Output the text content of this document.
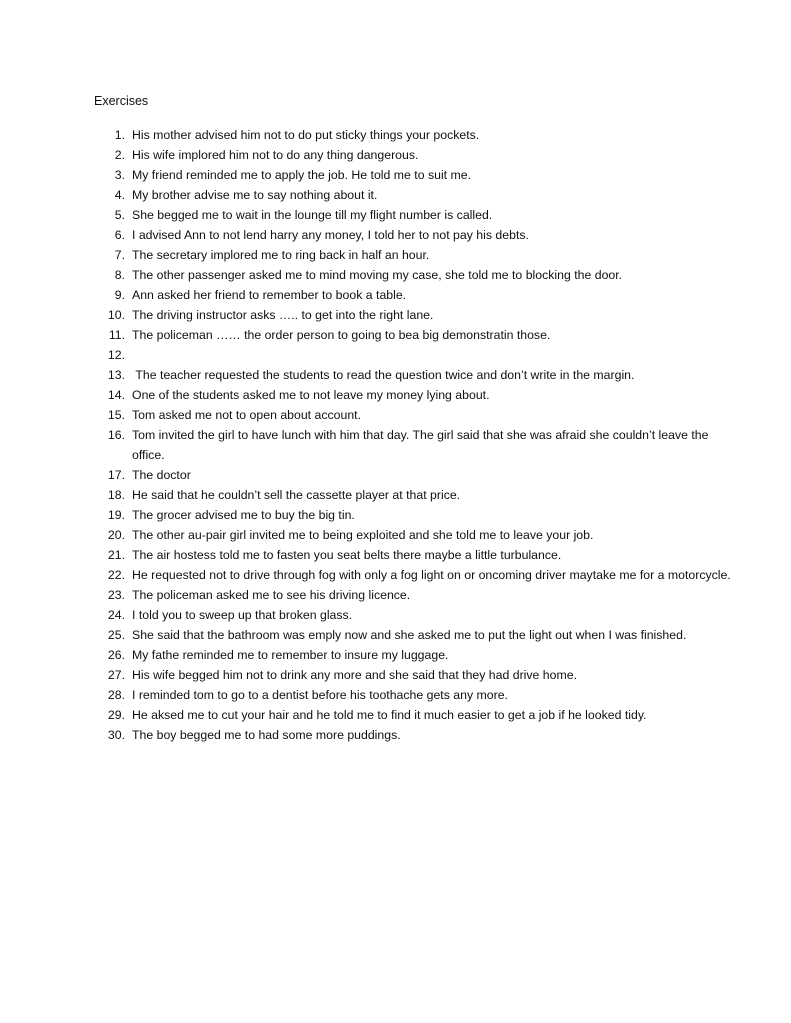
Exercises
1. His mother advised him not to do put sticky things your pockets.
2. His wife implored him not to do any thing dangerous.
3. My friend reminded me to apply the job. He told me to suit me.
4. My brother advise me to say nothing about it.
5. She begged me to wait in the lounge till my flight number is called.
6. I advised Ann to not lend harry any money, I told her to not pay his debts.
7. The secretary implored me to ring back in half an hour.
8. The other passenger asked me to mind moving my case, she told me to blocking the door.
9. Ann asked her friend to remember to book a table.
10. The driving instructor asks ….. to get into the right lane.
11. The policeman …… the order person to going to bea big demonstratin those.
12.
13. The teacher requested the students to read the question twice and don’t write in the margin.
14. One of the students asked me to not leave my money lying about.
15. Tom asked me not to open about account.
16. Tom invited the girl to have lunch with him that day. The girl said that she was afraid she couldn’t leave the office.
17. The doctor
18. He said that he couldn’t sell the cassette player at that price.
19. The grocer advised me to buy the big tin.
20. The other au-pair girl invited me to being exploited and she told me to leave your job.
21. The air hostess told me to fasten you seat belts there maybe a little turbulance.
22. He requested not to drive through fog with only a fog light on or oncoming driver maytake me for a motorcycle.
23. The policeman asked me to see his driving licence.
24. I told you to sweep up that broken glass.
25. She said that the bathroom was emply now and she asked me to put the light out when I was finished.
26. My fathe reminded me to remember to insure my luggage.
27. His wife begged him not to drink any more and she said that they had drive home.
28. I reminded tom to go to a dentist before his toothache gets any more.
29. He aksed me to cut your hair and he told me to find it much easier to get a job if he looked tidy.
30. The boy begged me to had some more puddings.
